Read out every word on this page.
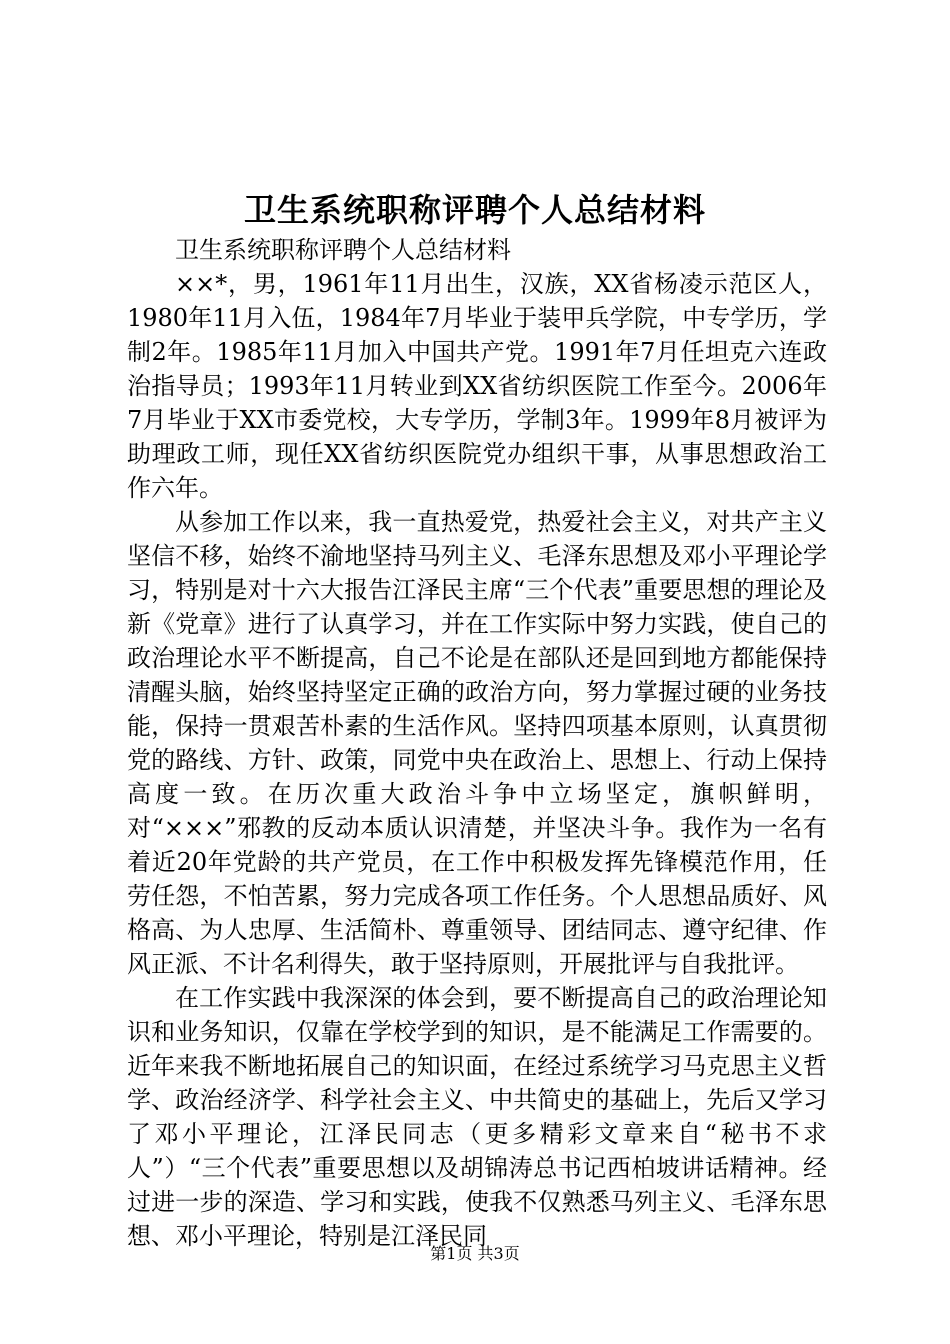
卫生系统职称评聘个人总结材料

卫生系统职称评聘个人总结材料

××*，男，1961年11月出生，汉族，XX省杨凌示范区人，1980年11月入伍，1984年7月毕业于装甲兵学院，中专学历，学制2年。1985年11月加入中国共产党。1991年7月任坦克六连政治指导员；1993年11月转业到XX省纺织医院工作至今。2006年7月毕业于XX市委党校，大专学历，学制3年。1999年8月被评为助理政工师，现任XX省纺织医院党办组织干事，从事思想政治工作六年。

从参加工作以来，我一直热爱党，热爱社会主义，对共产主义坚信不移，始终不渝地坚持马列主义、毛泽东思想及邓小平理论学习，特别是对十六大报告江泽民主席“三个代表”重要思想的理论及新《党章》进行了认真学习，并在工作实际中努力实践，使自己的政治理论水平不断提高，自己不论是在部队还是回到地方都能保持清醒头脑，始终坚持坚定正确的政治方向，努力掌握过硬的业务技能，保持一贯艰苦朴素的生活作风。坚持四项基本原则，认真贯彻党的路线、方针、政策，同党中央在政治上、思想上、行动上保持高度一致。在历次重大政治斗争中立场坚定，旗帜鲜明，对“×××”邪教的反动本质认识清楚，并坚决斗争。我作为一名有着近20年党龄的共产党员，在工作中积极发挥先锋模范作用，任劳任怨，不怕苦累，努力完成各项工作任务。个人思想品质好、风格高、为人忠厚、生活简朴、尊重领导、团结同志、遵守纪律、作风正派、不计名利得失，敢于坚持原则，开展批评与自我批评。

在工作实践中我深深的体会到，要不断提高自己的政治理论知识和业务知识，仅靠在学校学到的知识，是不能满足工作需要的。近年来我不断地拓展自己的知识面，在经过系统学习马克思主义哲学、政治经济学、科学社会主义、中共简史的基础上，先后又学习了邓小平理论，江泽民同志（更多精彩文章来自“秘书不求人”）“三个代表”重要思想以及胡锦涛总书记西柏坡讲话精神。经过进一步的深造、学习和实践，使我不仅熟悉马列主义、毛泽东思想、邓小平理论，特别是江泽民同

第1页 共3页
